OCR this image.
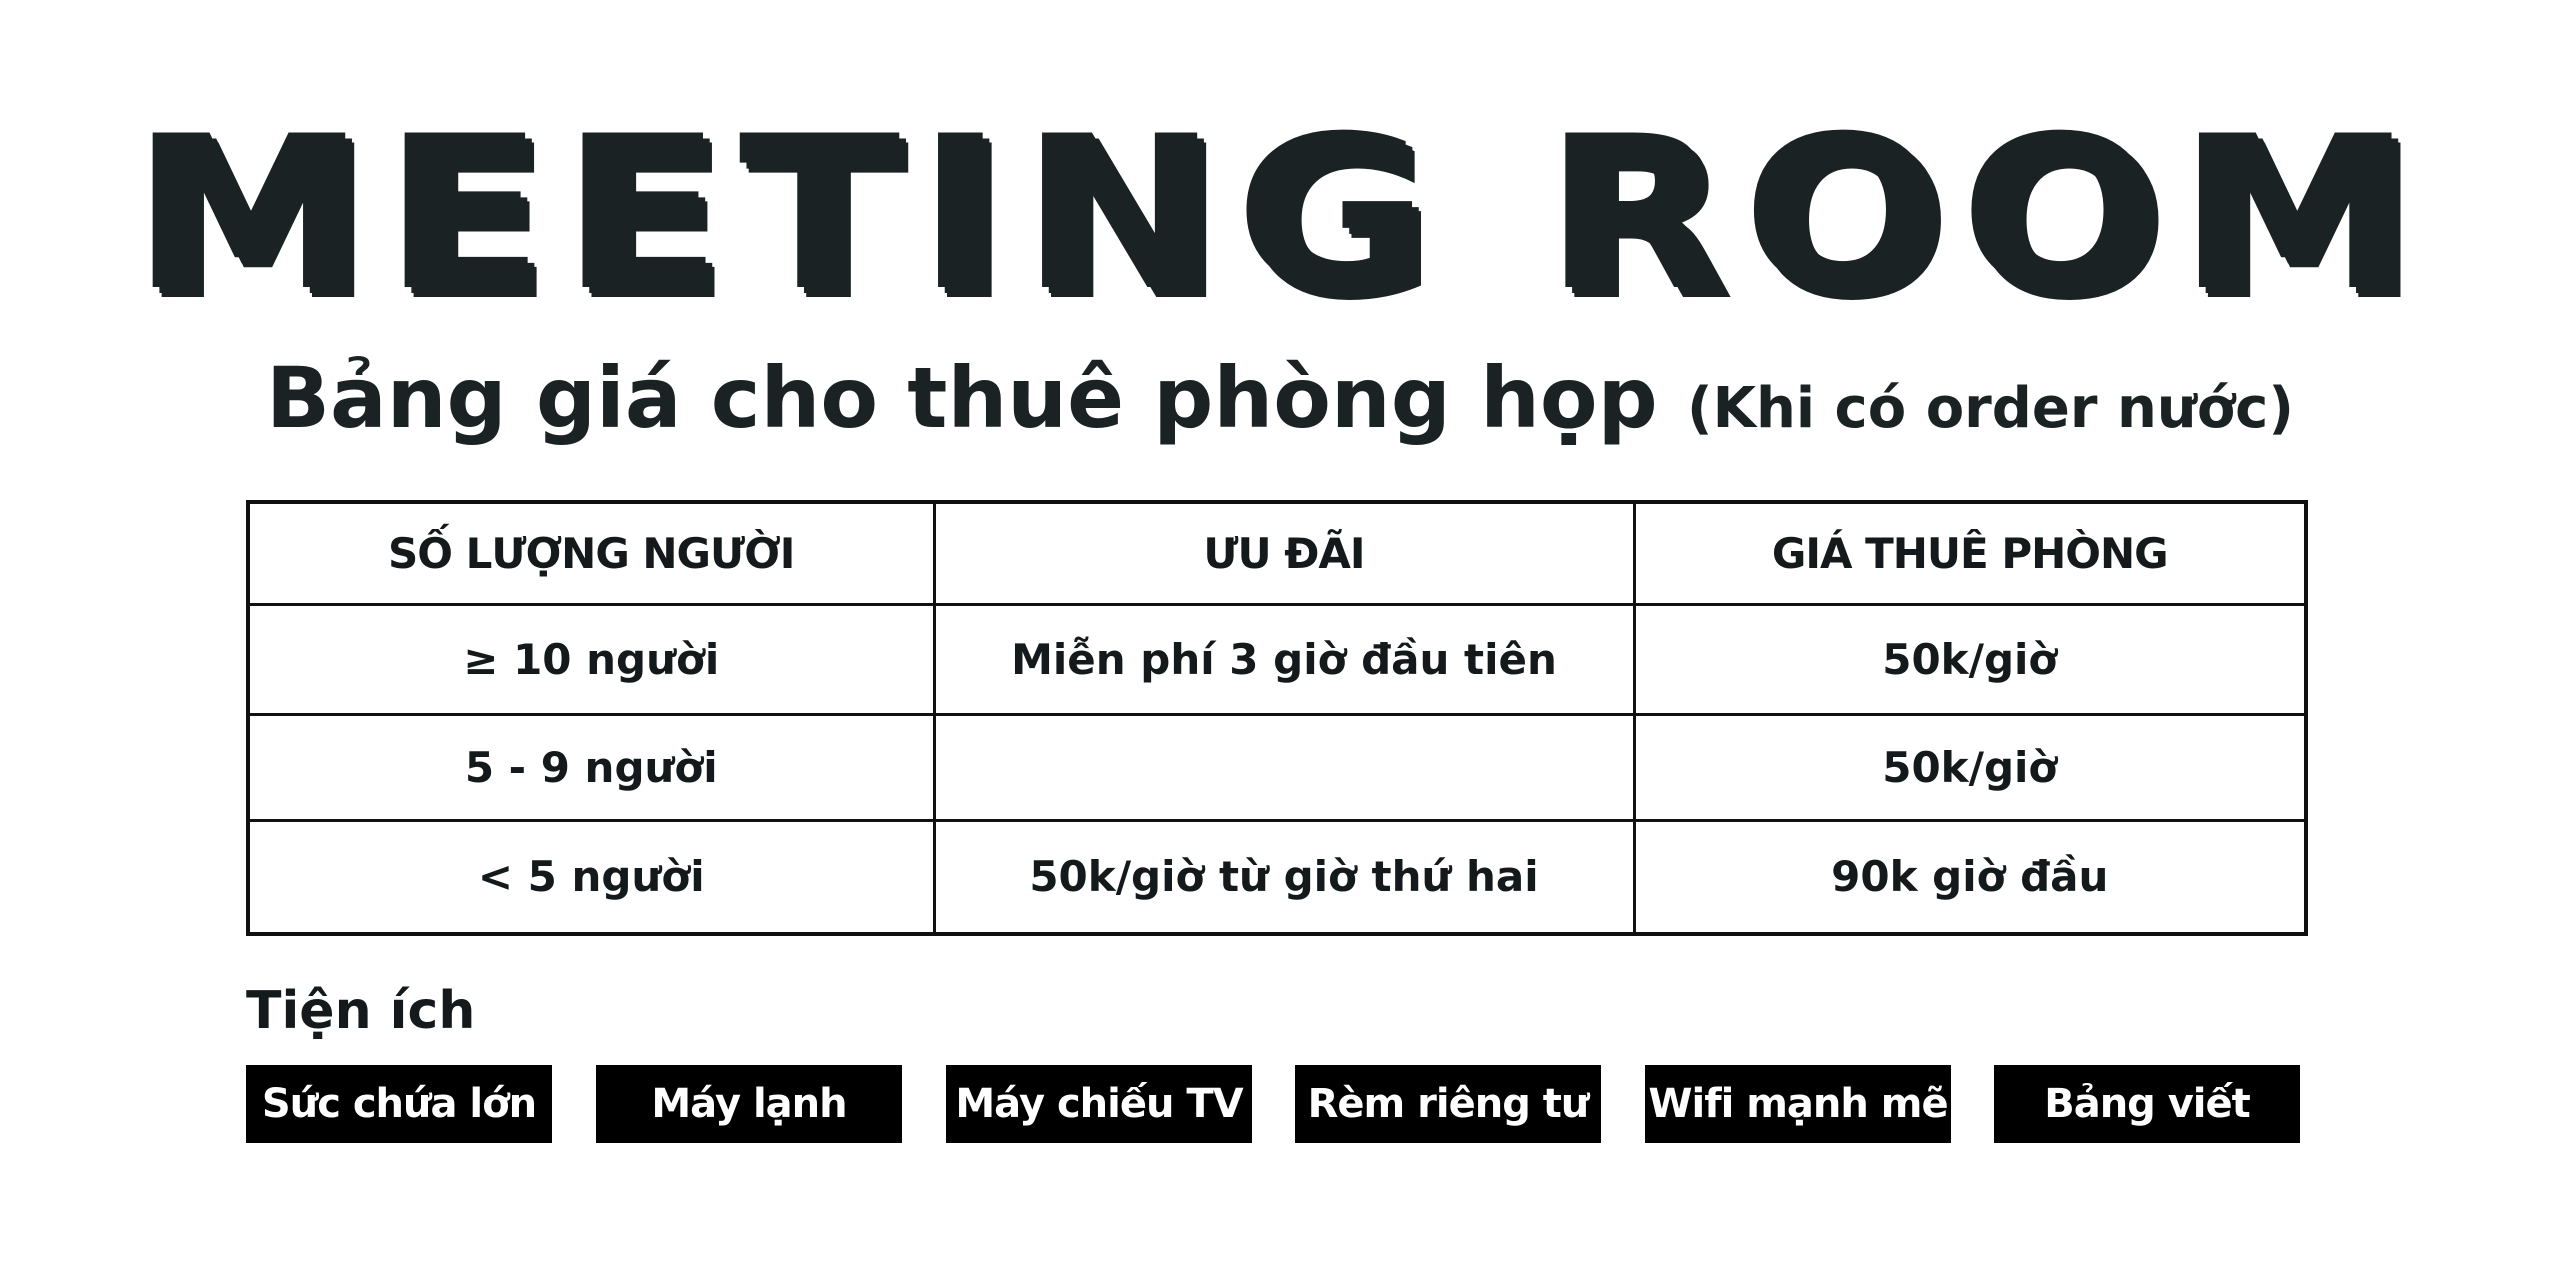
MEETING ROOM
Bảng giá cho thuê phòng họp (Khi có order nước)
SỐ LƯỢNG NGƯỜI	ƯU ĐÃI	GIÁ THUÊ PHÒNG
≥ 10 người	Miễn phí 3 giờ đầu tiên	50k/giờ
5 - 9 người		50k/giờ
< 5 người	50k/giờ từ giờ thứ hai	90k giờ đầu
Tiện ích
Sức chứa lớn	Máy lạnh	Máy chiếu TV	Rèm riêng tư	Wifi mạnh mẽ	Bảng viết
